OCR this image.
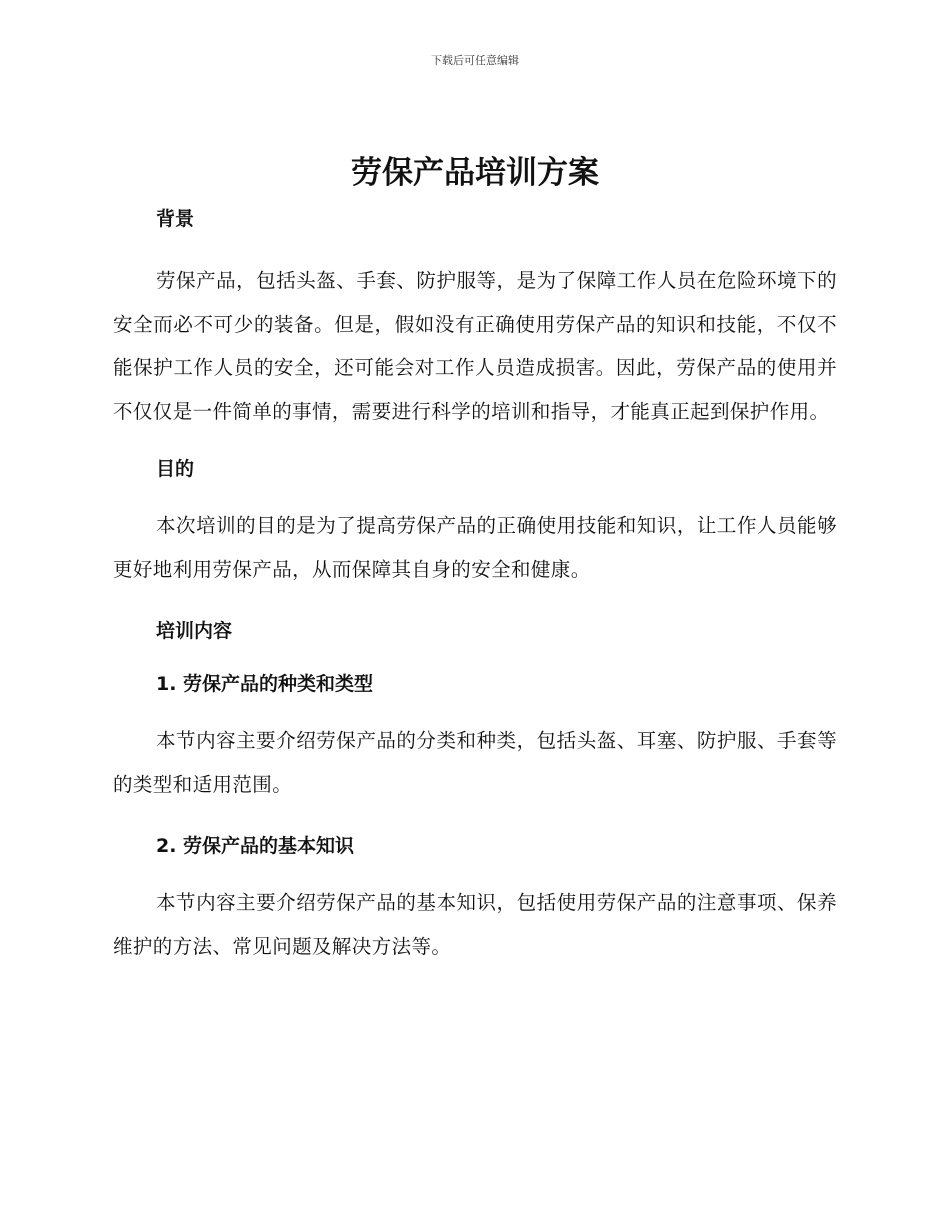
下载后可任意编辑
劳保产品培训方案
背景

劳保产品，包括头盔、手套、防护服等，是为了保障工作人员在危险环境下的安全而必不可少的装备。但是，假如没有正确使用劳保产品的知识和技能，不仅不能保护工作人员的安全，还可能会对工作人员造成损害。因此，劳保产品的使用并不仅仅是一件简单的事情，需要进行科学的培训和指导，才能真正起到保护作用。

目的

本次培训的目的是为了提高劳保产品的正确使用技能和知识，让工作人员能够更好地利用劳保产品，从而保障其自身的安全和健康。

培训内容
1. 劳保产品的种类和类型

本节内容主要介绍劳保产品的分类和种类，包括头盔、耳塞、防护服、手套等的类型和适用范围。

2. 劳保产品的基本知识

本节内容主要介绍劳保产品的基本知识，包括使用劳保产品的注意事项、保养维护的方法、常见问题及解决方法等。
